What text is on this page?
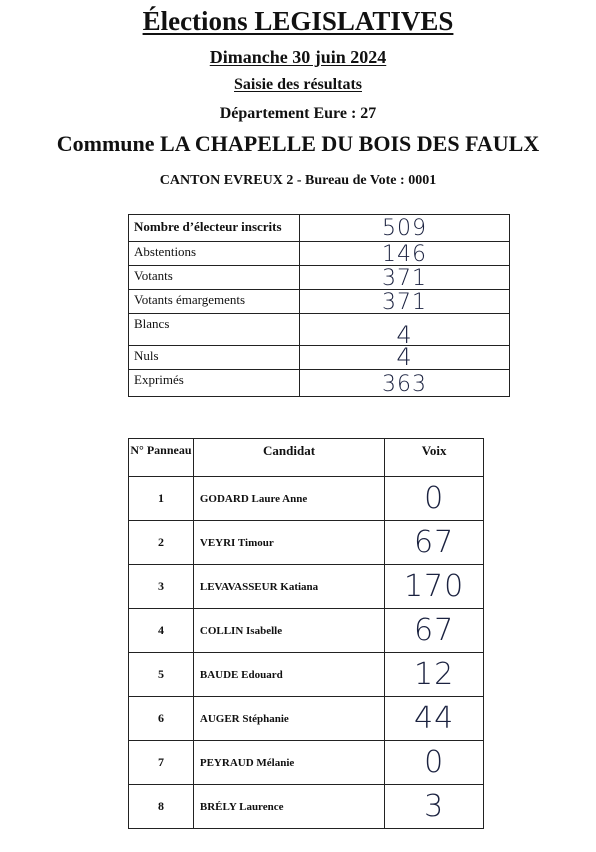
Élections LEGISLATIVES
Dimanche 30 juin 2024
Saisie des résultats
Département Eure : 27
Commune LA CHAPELLE DU BOIS DES FAULX
CANTON EVREUX 2 - Bureau de Vote : 0001
Nombre d’électeur inscrits	509

Abstentions	146

Votants	371

Votants émargements	371

Blancs	4

Nuls	4

Exprimés	363
N° Panneau	Candidat	Voix
1	GODARD Laure Anne	0
2	VEYRI Timour	67
3	LEVAVASSEUR Katiana	170
4	COLLIN Isabelle	67
5	BAUDE Edouard	12
6	AUGER Stéphanie	44
7	PEYRAUD Mélanie	0
8	BRÉLY Laurence	3
